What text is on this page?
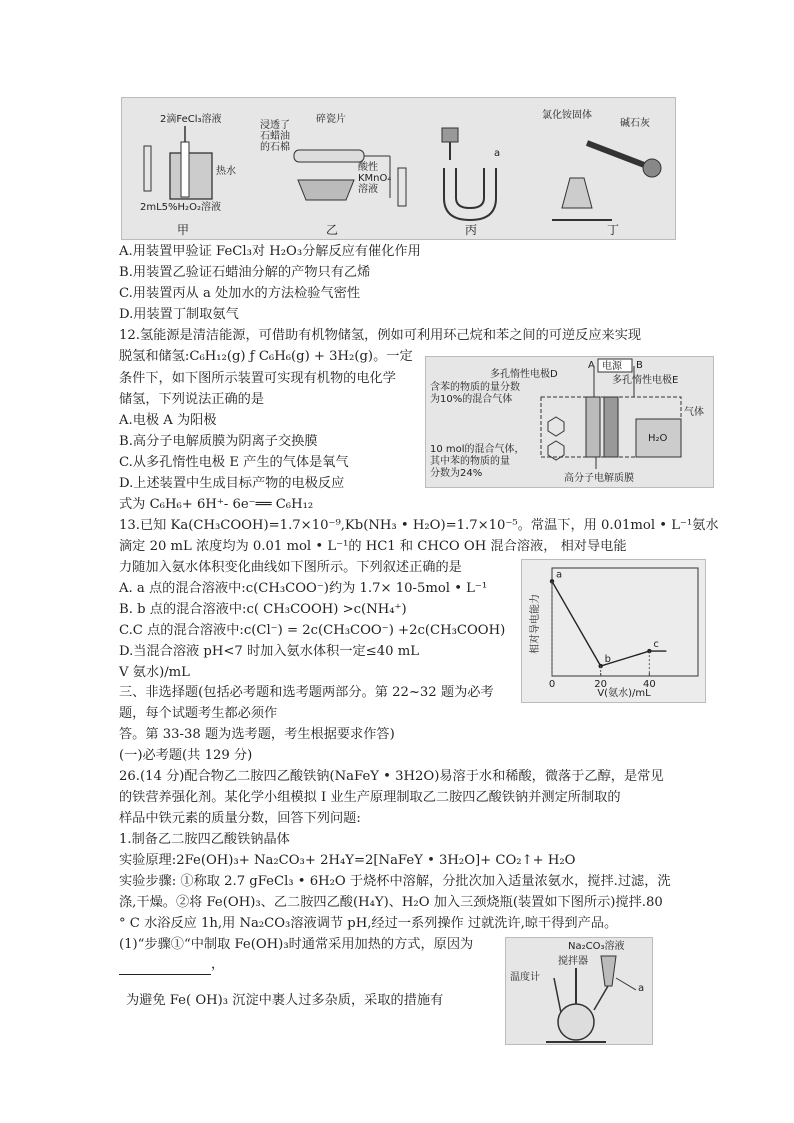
2滴FeCl₃溶液
热水
2mL5%H₂O₂溶液
甲
浸透了
石蜡油
的石棉
碎瓷片
酸性
KMnO₄
溶液
乙
a
丙
氯化铵固体
碱石灰
丁
A.用装置甲验证 FeCl₃对 H₂O₃分解反应有催化作用
B.用装置乙验证石蜡油分解的产物只有乙烯
C.用装置丙从 a 处加水的方法检验气密性
D.用装置丁制取氨气
12.氢能源是清洁能源，可借助有机物储氢，例如可利用环己烷和苯之间的可逆反应来实现
脱氢和储氢:C₆H₁₂(g) ƒ C₆H₆(g) + 3H₂(g)。一定
条件下，如下图所示装置可实现有机物的电化学
储氢，下列说法正确的是
A.电极 A 为阳极
B.高分子电解质膜为阴离子交换膜
C.从多孔惰性电极 E 产生的气体是氧气
D.上述装置中生成目标产物的电极反应
式为 C₆H₆+ 6H⁺- 6e⁻══ C₆H₁₂
电源
A	B
多孔惰性电极D
多孔惰性电极E
含苯的物质的量分数
为10%的混合气体
H₂O
气体
10 mol的混合气体，
其中苯的物质的量
分数为24%	高分子电解质膜
13.已知 Ka(CH₃COOH)=1.7×10⁻⁹,Kb(NH₃ • H₂O)=1.7×10⁻⁵。常温下，用 0.01mol • L⁻¹氨水
滴定 20 mL 浓度均为 0.01 mol • L⁻¹的 HC1 和 CHCO OH 混合溶液， 相对导电能
力随加入氨水体积变化曲线如下图所示。下列叙述正确的是
A. a 点的混合溶液中:c(CH₃COO⁻)约为 1.7× 10-5mol • L⁻¹
B. b 点的混合溶液中:c( CH₃COOH) >c(NH₄⁺)
C.C 点的混合溶液中:c(Cl⁻) = 2c(CH₃COO⁻) +2c(CH₃COOH)
D.当混合溶液 pH<7 时加入氨水体积一定≤40 mL
V 氨水)/mL
相对导电能力
V(氨水)/mL
0	20	40
a
b
c
三、非选择题(包括必考题和选考题两部分。第 22~32 题为必考
题，每个试题考生都必须作
答。第 33-38 题为选考题，考生根据要求作答)
(一)必考题(共 129 分)
26.(14 分)配合物乙二胺四乙酸铁钠(NaFeY • 3H2O)易溶于水和稀酸，微落于乙醇，是常见
的铁营养强化剂。某化学小组模拟 I 业生产原理制取乙二胺四乙酸铁钠并测定所制取的
样品中铁元素的质量分数，回答下列问题:
1.制备乙二胺四乙酸铁钠晶体
实验原理:2Fe(OH)₃+ Na₂CO₃+ 2H₄Y=2[NaFeY • 3H₂O]+ CO₂↑+ H₂O
实验步骤: ①称取 2.7 gFeCl₃ • 6H₂O 于烧杯中溶解，分批次加入适量浓氨水，搅拌.过滤，洗
涤,干燥。②将 Fe(OH)₃、乙二胺四乙酸(H₄Y)、H₂O 加入三颈烧瓶(装置如下图所示)搅拌.80
° C 水浴反应 1h,用 Na₂CO₃溶液调节 pH,经过一系列操作 过就洗许,晾干得到产品。
(1)“步骤①“中制取 Fe(OH)₃时通常采用加热的方式，原因为
，
为避免 Fe( OH)₃ 沉淀中裹人过多杂质，采取的措施有
Na₂CO₃溶液
搅拌器
温度计
a
